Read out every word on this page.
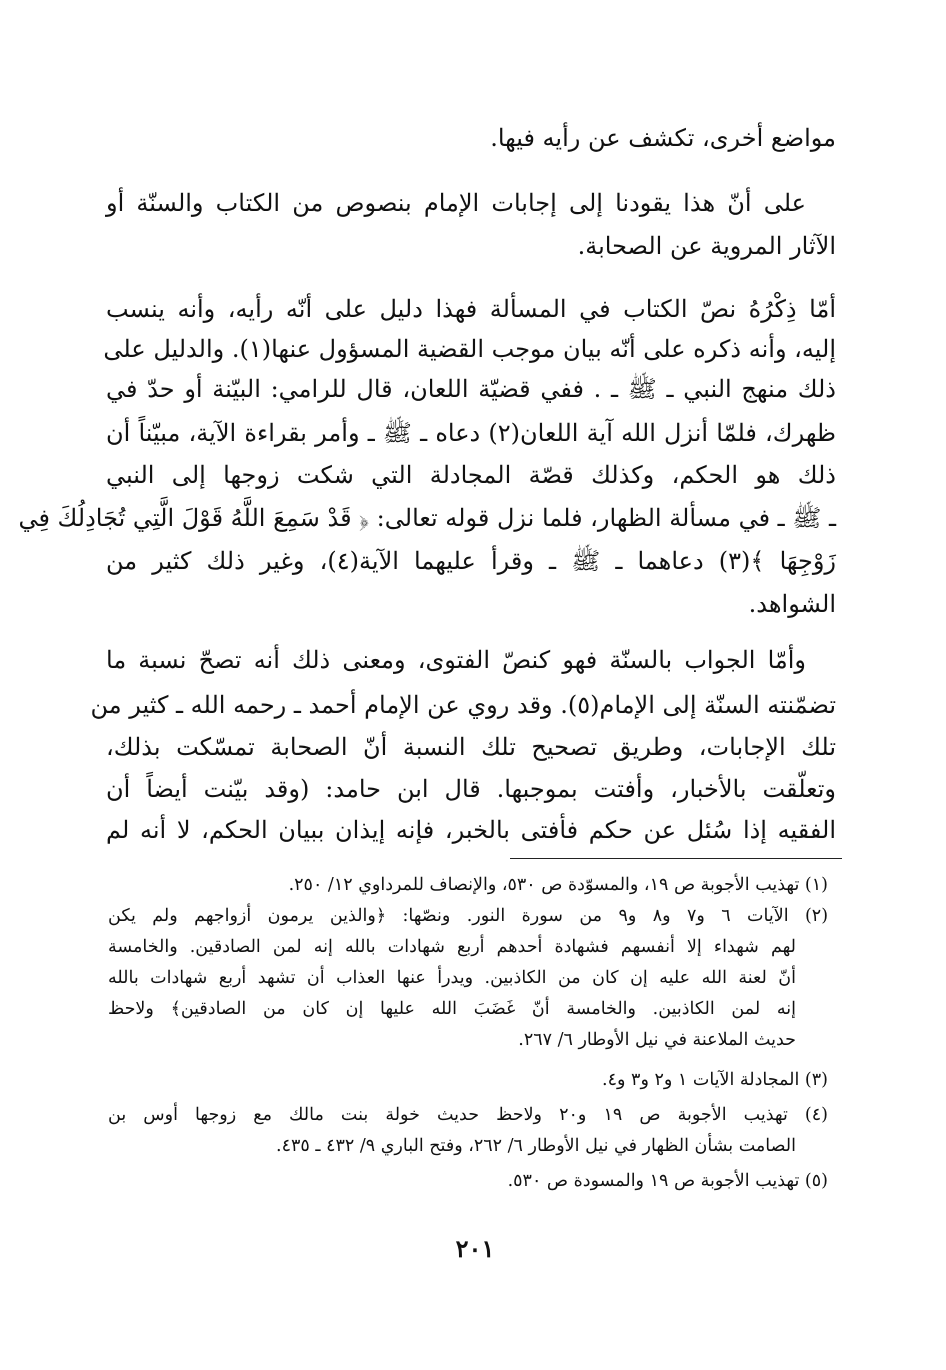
مواضع أخرى، تكشف عن رأيه فيها.
على أنّ هذا يقودنا إلى إجابات الإمام بنصوص من الكتاب والسنّة أو
الآثار المروية عن الصحابة.
أمّا ذِكْرُهُ نصّ الكتاب في المسألة فهذا دليل على أنّه رأيه، وأنه ينسب
إليه، وأنه ذكره على أنّه بيان موجب القضية المسؤول عنها(١). والدليل على
ذلك منهج النبي ـ ﷺ ـ . ففي قضيّة اللعان، قال للرامي: البيّنة أو حدّ في
ظهرك، فلمّا أنزل الله آية اللعان(٢) دعاه ـ ﷺ ـ وأمر بقراءة الآية، مبيّناً أن
ذلك هو الحكم، وكذلك قصّة المجادلة التي شكت زوجها إلى النبي
ـ ﷺ ـ في مسألة الظهار، فلما نزل قوله تعالى: ﴿ قَدْ سَمِعَ اللَّهُ قَوْلَ الَّتِي تُجَادِلُكَ فِي
زَوْجِهَا ﴾(٣) دعاهما ـ ﷺ ـ وقرأ عليهما الآية(٤)، وغير ذلك كثير من
الشواهد.
وأمّا الجواب بالسنّة فهو كنصّ الفتوى، ومعنى ذلك أنه تصحّ نسبة ما
تضمّنته السنّة إلى الإمام(٥). وقد روي عن الإمام أحمد ـ رحمه الله ـ كثير من
تلك الإجابات، وطريق تصحيح تلك النسبة أنّ الصحابة تمسّكت بذلك،
وتعلّقت بالأخبار، وأفتت بموجبها. قال ابن حامد: (وقد بيّنت أيضاً أن
الفقيه إذا سُئل عن حكم فأفتى بالخبر، فإنه إيذان ببيان الحكم، لا أنه لم
(١) تهذيب الأجوبة ص ١٩، والمسوّدة ص ٥٣٠، والإنصاف للمرداوي ١٢/ ٢٥٠.
(٢) الآيات ٦ و٧ و٨ و٩ من سورة النور. ونصّها: ﴿والذين يرمون أزواجهم ولم يكن
لهم شهداء إلا أنفسهم فشهادة أحدهم أربع شهادات بالله إنه لمن الصادقين. والخامسة
أنّ لعنة الله عليه إن كان من الكاذبين. ويدرأ عنها العذاب أن تشهد أربع شهادات بالله
إنه لمن الكاذبين. والخامسة أنّ غَضَبَ الله عليها إن كان من الصادقين﴾ ولاحظ
حديث الملاعنة في نيل الأوطار ٦/ ٢٦٧.
(٣) المجادلة الآيات ١ و٢ و٣ و٤.
(٤) تهذيب الأجوبة ص ١٩ و٢٠ ولاحظ حديث خولة بنت مالك مع زوجها أوس بن
الصامت بشأن الظهار في نيل الأوطار ٦/ ٢٦٢، وفتح الباري ٩/ ٤٣٢ ـ ٤٣٥.
(٥) تهذيب الأجوبة ص ١٩ والمسودة ص ٥٣٠.
٢٠١
